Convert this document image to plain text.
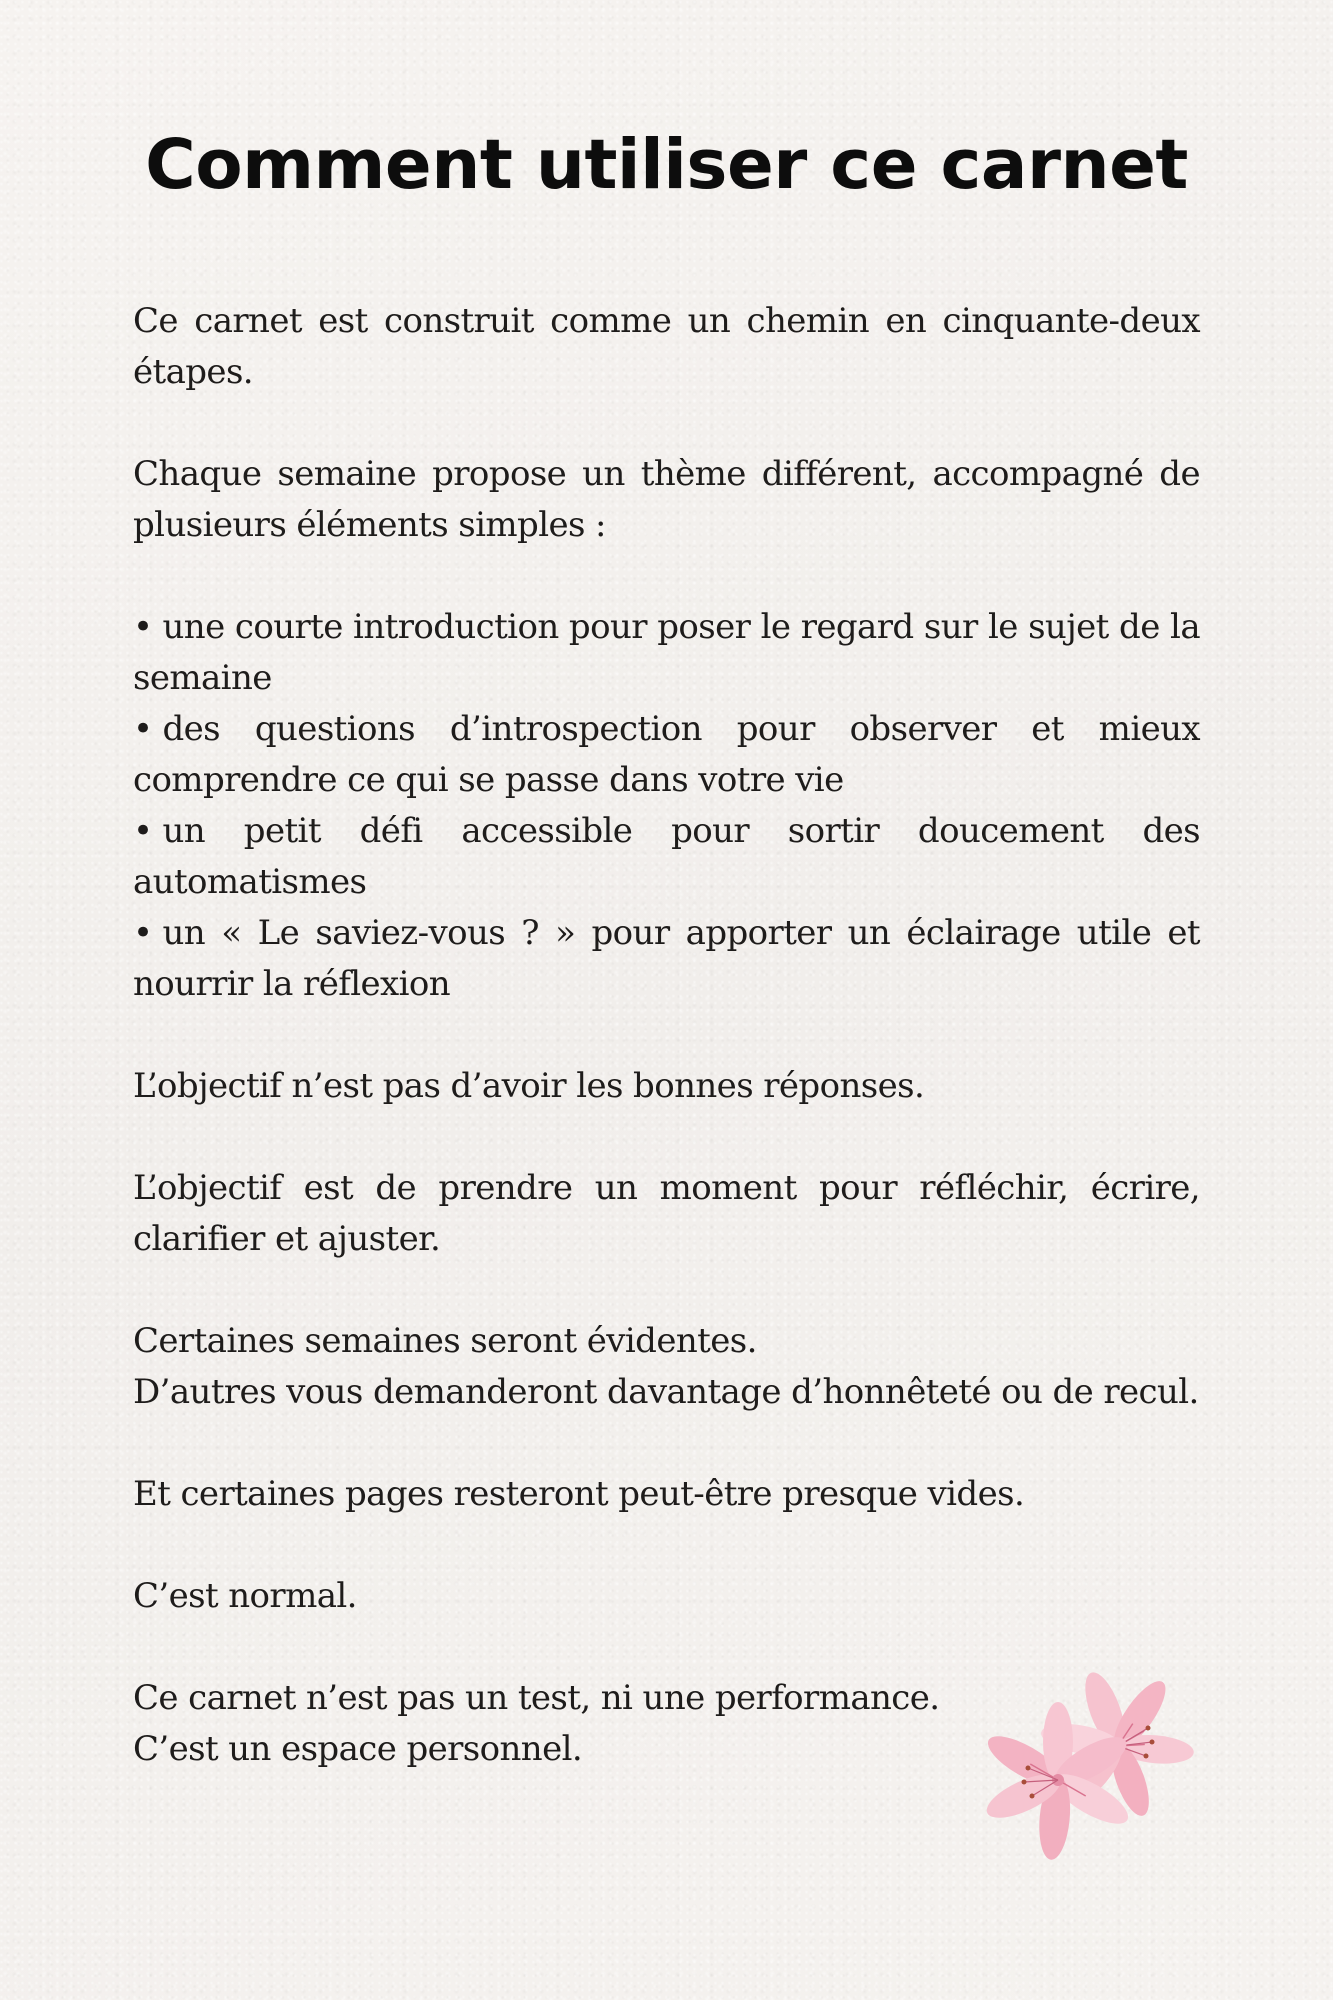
Comment utiliser ce carnet

Ce carnet est construit comme un chemin en cinquante-deux étapes.

Chaque semaine propose un thème différent, accompagné de plusieurs éléments simples :

• une courte introduction pour poser le regard sur le sujet de la semaine
• des questions d’introspection pour observer et mieux comprendre ce qui se passe dans votre vie
• un petit défi accessible pour sortir doucement des automatismes
• un « Le saviez-vous ? » pour apporter un éclairage utile et nourrir la réflexion

L’objectif n’est pas d’avoir les bonnes réponses.

L’objectif est de prendre un moment pour réfléchir, écrire, clarifier et ajuster.

Certaines semaines seront évidentes.

D’autres vous demanderont davantage d’honnêteté ou de recul.

Et certaines pages resteront peut-être presque vides.

C’est normal.

Ce carnet n’est pas un test, ni une performance.

C’est un espace personnel.
